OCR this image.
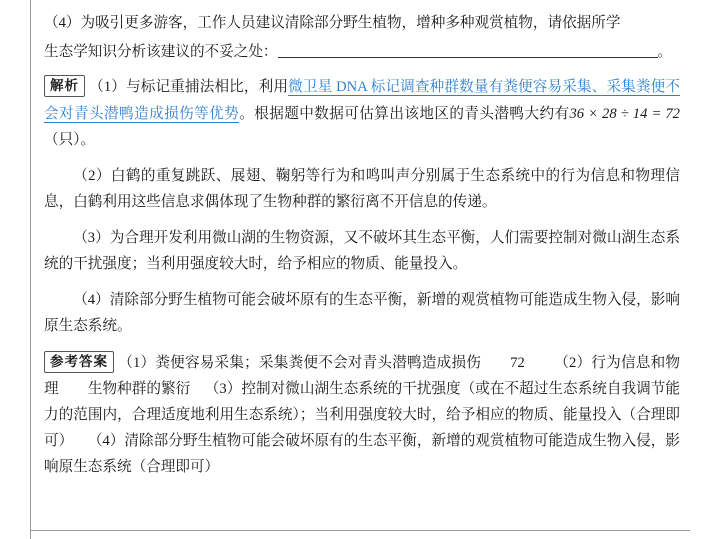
（4）为吸引更多游客，工作人员建议清除部分野生植物，增种多种观赏植物，请依据所学

生态学知识分析该建议的不妥之处：	。

解析 （1）与标记重捕法相比，利用微卫星 DNA 标记调查种群数量有粪便容易采集、采集粪便不会对青头潜鸭造成损伤等优势。根据题中数据可估算出该地区的青头潜鸭大约有36 × 28 ÷ 14 = 72（只）。

（2）白鹤的重复跳跃、展翅、鞠躬等行为和鸣叫声分别属于生态系统中的行为信息和物理信息，白鹤利用这些信息求偶体现了生物种群的繁衍离不开信息的传递。

（3）为合理开发利用微山湖的生物资源，又不破坏其生态平衡，人们需要控制对微山湖生态系统的干扰强度；当利用强度较大时，给予相应的物质、能量投入。

（4）清除部分野生植物可能会破坏原有的生态平衡，新增的观赏植物可能造成生物入侵，影响原生态系统。

参考答案 （1）粪便容易采集；采集粪便不会对青头潜鸭造成损伤 72 （2）行为信息和物理 生物种群的繁衍 （3）控制对微山湖生态系统的干扰强度（或在不超过生态系统自我调节能力的范围内，合理适度地利用生态系统）；当利用强度较大时，给予相应的物质、能量投入（合理即可） （4）清除部分野生植物可能会破坏原有的生态平衡，新增的观赏植物可能造成生物入侵，影响原生态系统（合理即可）
